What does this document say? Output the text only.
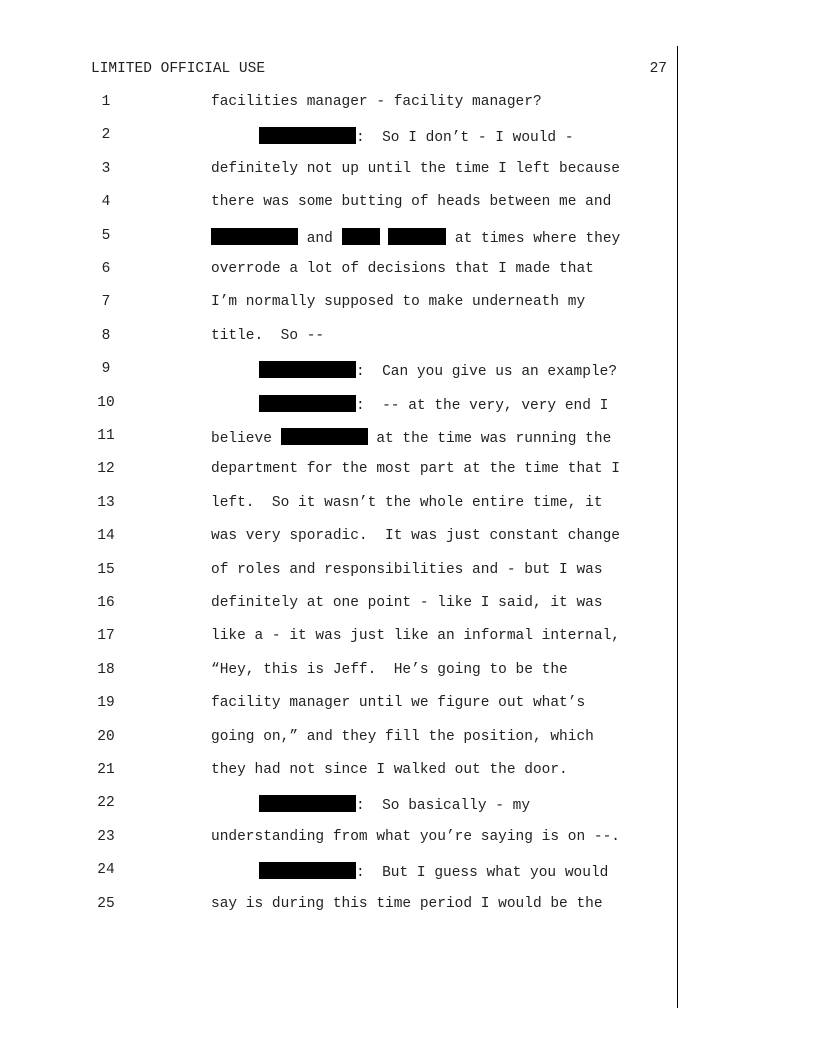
LIMITED OFFICIAL USE	27
1	facilities manager - facility manager?
2	:  So I don’t - I would -
3	definitely not up until the time I left because
4	there was some butting of heads between me and
5	and	at times where they
6	overrode a lot of decisions that I made that
7	I’m normally supposed to make underneath my
8	title.  So --
9	:  Can you give us an example?
10	:  -- at the very, very end I
11	believe	at the time was running the
12	department for the most part at the time that I
13	left.  So it wasn’t the whole entire time, it
14	was very sporadic.  It was just constant change
15	of roles and responsibilities and - but I was
16	definitely at one point - like I said, it was
17	like a - it was just like an informal internal,
18	“Hey, this is Jeff.  He’s going to be the
19	facility manager until we figure out what’s
20	going on,” and they fill the position, which
21	they had not since I walked out the door.
22	:  So basically - my
23	understanding from what you’re saying is on --.
24	:  But I guess what you would
25	say is during this time period I would be the
